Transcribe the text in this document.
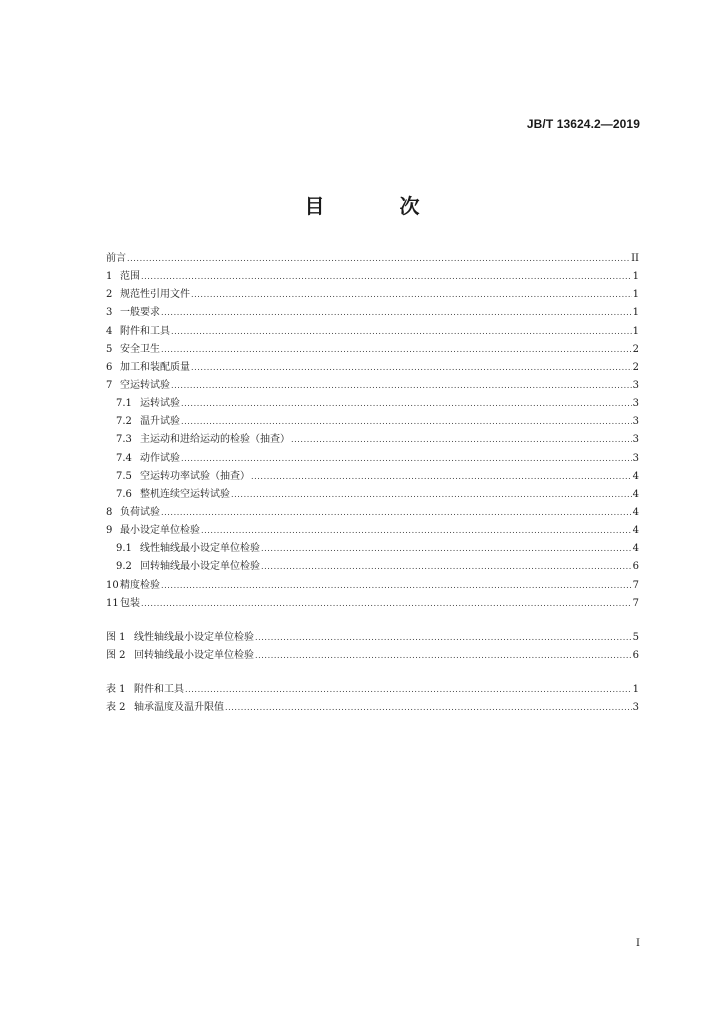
JB/T 13624.2—2019
目 次
前言 .....	II
1 范围 .....	1
2 规范性引用文件 .....	1
3 一般要求 .....	1
4 附件和工具 .....	1
5 安全卫生 .....	2
6 加工和装配质量 .....	2
7 空运转试验 .....	3
7.1 运转试验 .....	3
7.2 温升试验 .....	3
7.3 主运动和进给运动的检验（抽查） .....	3
7.4 动作试验 .....	3
7.5 空运转功率试验（抽查） .....	4
7.6 整机连续空运转试验 .....	4
8 负荷试验 .....	4
9 最小设定单位检验 .....	4
9.1 线性轴线最小设定单位检验 .....	4
9.2 回转轴线最小设定单位检验 .....	6
10 精度检验 .....	7
11 包装 .....	7
图 1 线性轴线最小设定单位检验 .....	5
图 2 回转轴线最小设定单位检验 .....	6
表 1 附件和工具 .....	1
表 2 轴承温度及温升限值 .....	3
I
